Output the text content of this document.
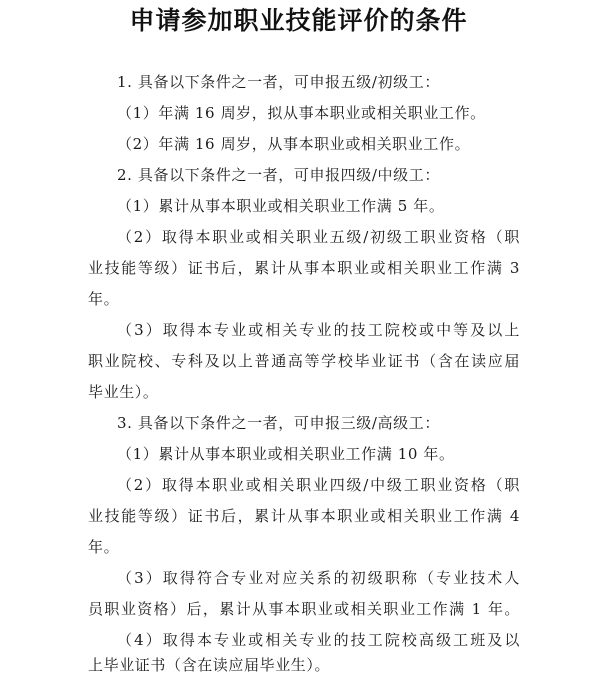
申请参加职业技能评价的条件
1. 具备以下条件之一者，可申报五级/初级工：
（1）年满 16 周岁，拟从事本职业或相关职业工作。
（2）年满 16 周岁，从事本职业或相关职业工作。
2. 具备以下条件之一者，可申报四级/中级工：
（1）累计从事本职业或相关职业工作满 5 年。
（2）取得本职业或相关职业五级/初级工职业资格（职
业技能等级）证书后，累计从事本职业或相关职业工作满 3
年。
（3）取得本专业或相关专业的技工院校或中等及以上
职业院校、专科及以上普通高等学校毕业证书（含在读应届
毕业生）。
3. 具备以下条件之一者，可申报三级/高级工：
（1）累计从事本职业或相关职业工作满 10 年。
（2）取得本职业或相关职业四级/中级工职业资格（职
业技能等级）证书后，累计从事本职业或相关职业工作满 4
年。
（3）取得符合专业对应关系的初级职称（专业技术人
员职业资格）后，累计从事本职业或相关职业工作满 1 年。
（4）取得本专业或相关专业的技工院校高级工班及以
上毕业证书（含在读应届毕业生）。
